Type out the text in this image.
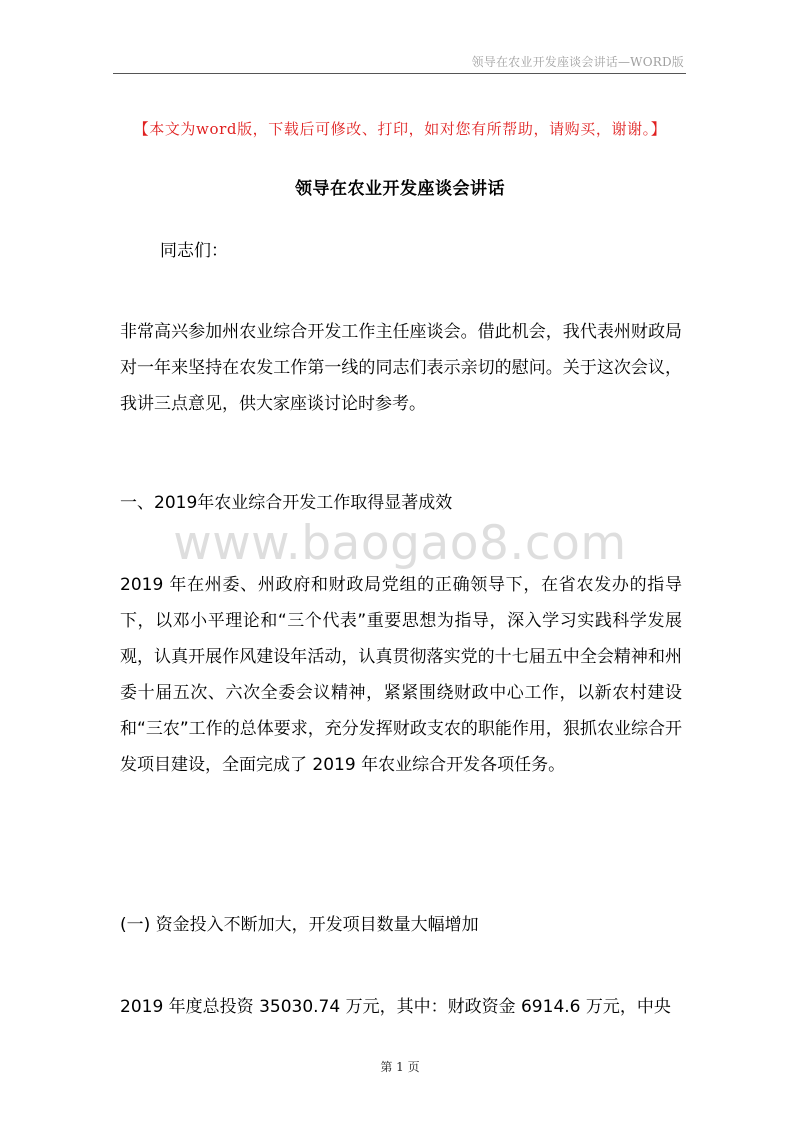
领导在农业开发座谈会讲话—WORD版
【本文为word版，下载后可修改、打印，如对您有所帮助，请购买，谢谢。】
领导在农业开发座谈会讲话

同志们：

非常高兴参加州农业综合开发工作主任座谈会。借此机会，我代表州财政局对一年来坚持在农发工作第一线的同志们表示亲切的慰问。关于这次会议，我讲三点意见，供大家座谈讨论时参考。

一、2019年农业综合开发工作取得显著成效

www.baogao8.com

2019 年在州委、州政府和财政局党组的正确领导下，在省农发办的指导下，以邓小平理论和“三个代表”重要思想为指导，深入学习实践科学发展观，认真开展作风建设年活动，认真贯彻落实党的十七届五中全会精神和州委十届五次、六次全委会议精神，紧紧围绕财政中心工作，以新农村建设和“三农”工作的总体要求，充分发挥财政支农的职能作用，狠抓农业综合开发项目建设，全面完成了 2019 年农业综合开发各项任务。

(一) 资金投入不断加大，开发项目数量大幅增加

2019 年度总投资 35030.74 万元，其中：财政资金 6914.6 万元，中央

第 1 页
